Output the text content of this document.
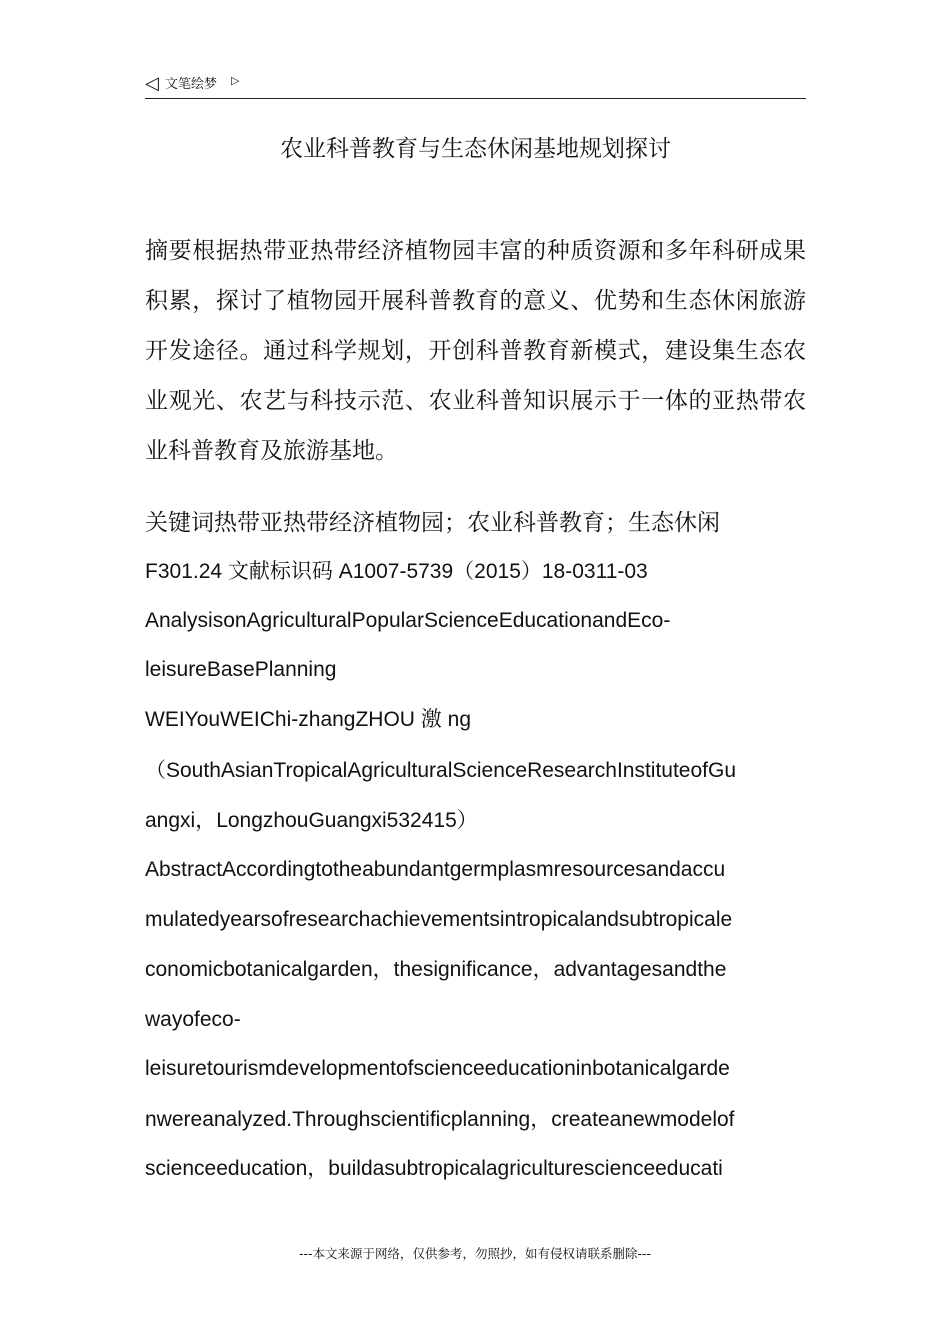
◁ 文笔绘梦 ▷
农业科普教育与生态休闲基地规划探讨
摘要根据热带亚热带经济植物园丰富的种质资源和多年科研成果积累，探讨了植物园开展科普教育的意义、优势和生态休闲旅游开发途径。通过科学规划，开创科普教育新模式，建设集生态农业观光、农艺与科技示范、农业科普知识展示于一体的亚热带农业科普教育及旅游基地。
关键词热带亚热带经济植物园；农业科普教育；生态休闲
F301.24 文献标识码 A1007-5739（2015）18-0311-03
AnalysisonAgriculturalPopularScienceEducationandEco-
leisureBasePlanning
WEIYouWEIChi-zhangZHOU 激 ng
（SouthAsianTropicalAgriculturalScienceResearchInstituteofGu
angxi，LongzhouGuangxi532415）
AbstractAccordingtotheabundantgermplasmresourcesandaccu
mulatedyearsofresearchachievementsintropicalandsubtropicale
conomicbotanicalgarden，thesignificance，advantagesandthe
wayofeco-
leisuretourismdevelopmentofscienceeducationinbotanicalgarde
nwereanalyzed.Throughscientificplanning，createanewmodelof
scienceeducation，buildasubtropicalagriculturescienceeducati
---本文来源于网络，仅供参考，勿照抄，如有侵权请联系删除---
